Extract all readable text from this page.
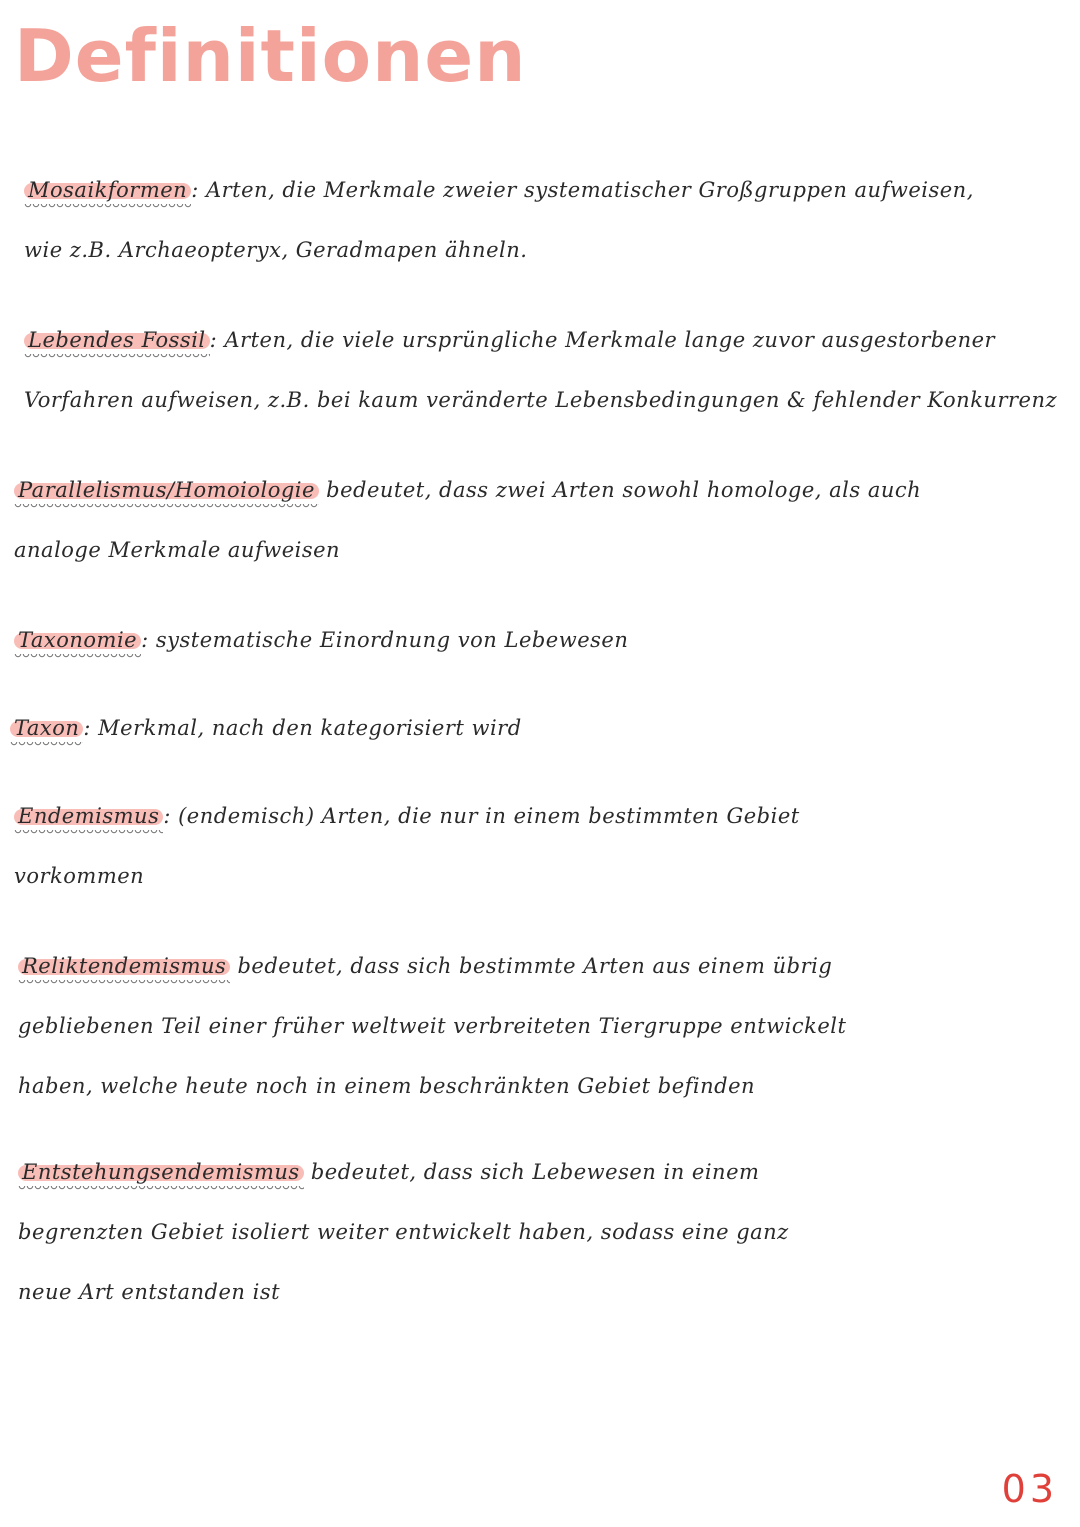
Definitionen
Mosaikformen : Arten, die Merkmale zweier systematischer Großgruppen aufweisen,
wie z.B. Archaeopteryx, Geradmapen ähneln.
Lebendes Fossil : Arten, die viele ursprüngliche Merkmale lange zuvor ausgestorbener
Vorfahren aufweisen, z.B. bei kaum veränderte Lebensbedingungen & fehlender Konkurrenz
Parallelismus/Homoiologie bedeutet, dass zwei Arten sowohl homologe, als auch
analoge Merkmale aufweisen
Taxonomie : systematische Einordnung von Lebewesen
Taxon : Merkmal, nach den kategorisiert wird
Endemismus : (endemisch) Arten, die nur in einem bestimmten Gebiet
vorkommen
Reliktendemismus bedeutet, dass sich bestimmte Arten aus einem übrig
gebliebenen Teil einer früher weltweit verbreiteten Tiergruppe entwickelt
haben, welche heute noch in einem beschränkten Gebiet befinden
Entstehungsendemismus bedeutet, dass sich Lebewesen in einem
begrenzten Gebiet isoliert weiter entwickelt haben, sodass eine ganz
neue Art entstanden ist
03
